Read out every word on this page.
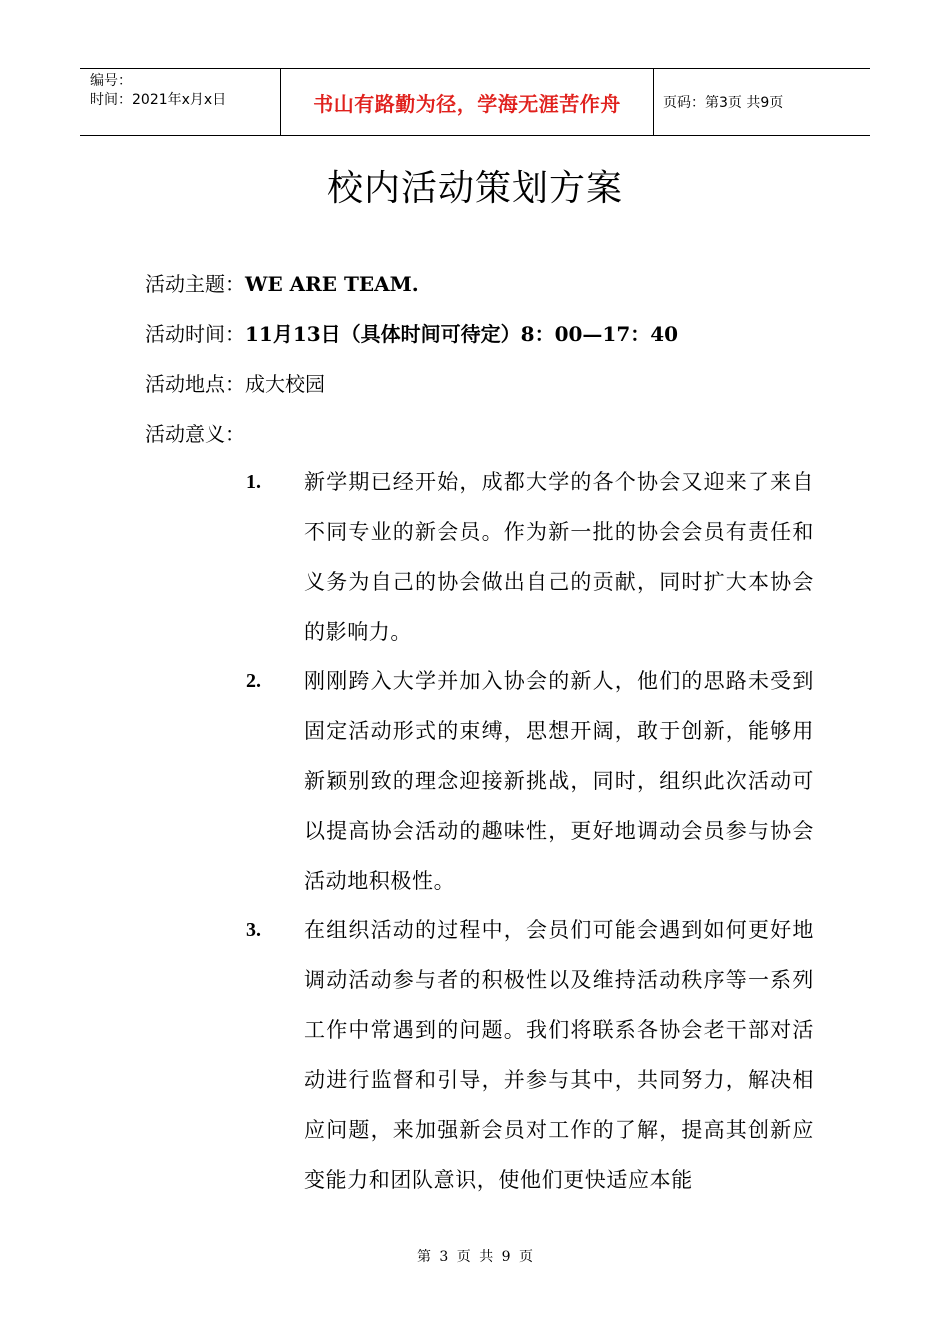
编号：
时间：2021年x月x日	书山有路勤为径，学海无涯苦作舟	页码：第3页 共9页
校内活动策划方案
活动主题：WE ARE TEAM.
活动时间：11月13日（具体时间可待定）8：00—17：40
活动地点：成大校园
活动意义：
1. 新学期已经开始，成都大学的各个协会又迎来了来自不同专业的新会员。作为新一批的协会会员有责任和义务为自己的协会做出自己的贡献，同时扩大本协会的影响力。
2. 刚刚跨入大学并加入协会的新人，他们的思路未受到固定活动形式的束缚，思想开阔，敢于创新，能够用新颖别致的理念迎接新挑战，同时，组织此次活动可以提高协会活动的趣味性，更好地调动会员参与协会活动地积极性。
3. 在组织活动的过程中，会员们可能会遇到如何更好地调动活动参与者的积极性以及维持活动秩序等一系列工作中常遇到的问题。我们将联系各协会老干部对活动进行监督和引导，并参与其中，共同努力，解决相应问题，来加强新会员对工作的了解，提高其创新应变能力和团队意识，使他们更快适应本能
第 3 页 共 9 页
